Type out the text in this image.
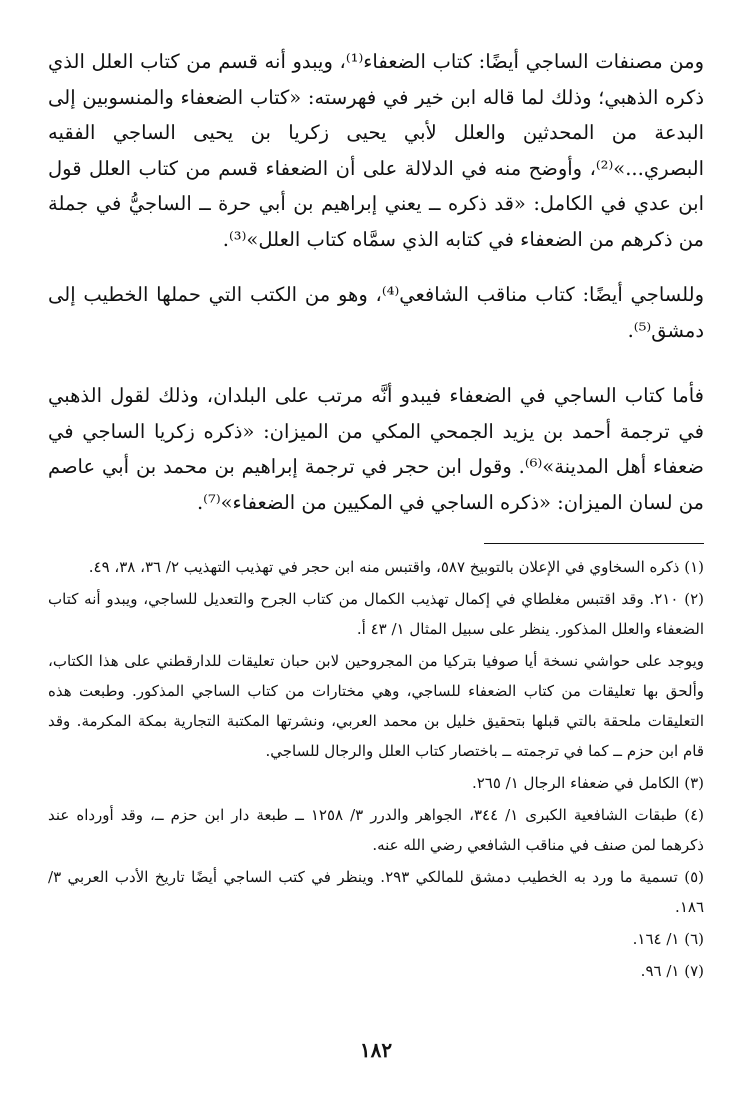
ومن مصنفات الساجي أيضًا: كتاب الضعفاء⁽¹⁾، ويبدو أنه قسم من كتاب العلل الذي ذكره الذهبي؛ وذلك لما قاله ابن خير في فهرسته: «كتاب الضعفاء والمنسوبين إلى البدعة من المحدثين والعلل لأبي يحيى زكريا بن يحيى الساجي الفقيه البصري...»⁽²⁾، وأوضح منه في الدلالة على أن الضعفاء قسم من كتاب العلل قول ابن عدي في الكامل: «قد ذكره ــ يعني إبراهيم بن أبي حرة ــ الساجيُّ في جملة من ذكرهم من الضعفاء في كتابه الذي سمَّاه كتاب العلل»⁽³⁾.

وللساجي أيضًا: كتاب مناقب الشافعي⁽⁴⁾، وهو من الكتب التي حملها الخطيب إلى دمشق⁽⁵⁾.

فأما كتاب الساجي في الضعفاء فيبدو أنَّه مرتب على البلدان، وذلك لقول الذهبي في ترجمة أحمد بن يزيد الجمحي المكي من الميزان: «ذكره زكريا الساجي في ضعفاء أهل المدينة»⁽⁶⁾. وقول ابن حجر في ترجمة إبراهيم بن محمد بن أبي عاصم من لسان الميزان: «ذكره الساجي في المكيين من الضعفاء»⁽⁷⁾.

(١) ذكره السخاوي في الإعلان بالتوبيخ ٥٨٧، واقتبس منه ابن حجر في تهذيب التهذيب ٢/ ٣٦، ٣٨، ٤٩.

(٢) ٢١٠. وقد اقتبس مغلطاي في إكمال تهذيب الكمال من كتاب الجرح والتعديل للساجي، ويبدو أنه كتاب الضعفاء والعلل المذكور. ينظر على سبيل المثال ١/ ٤٣ أ.

ويوجد على حواشي نسخة أيا صوفيا بتركيا من المجروحين لابن حبان تعليقات للدارقطني على هذا الكتاب، وألحق بها تعليقات من كتاب الضعفاء للساجي، وهي مختارات من كتاب الساجي المذكور. وطبعت هذه التعليقات ملحقة بالتي قبلها بتحقيق خليل بن محمد العربي، ونشرتها المكتبة التجارية بمكة المكرمة. وقد قام ابن حزم ــ كما في ترجمته ــ باختصار كتاب العلل والرجال للساجي.

(٣) الكامل في ضعفاء الرجال ١/ ٢٦٥.

(٤) طبقات الشافعية الكبرى ١/ ٣٤٤، الجواهر والدرر ٣/ ١٢٥٨ ــ طبعة دار ابن حزم ــ، وقد أورداه عند ذكرهما لمن صنف في مناقب الشافعي رضي الله عنه.

(٥) تسمية ما ورد به الخطيب دمشق للمالكي ٢٩٣. وينظر في كتب الساجي أيضًا تاريخ الأدب العربي ٣/ ١٨٦.

(٦) ١/ ١٦٤.

(٧) ١/ ٩٦.

١٨٢
